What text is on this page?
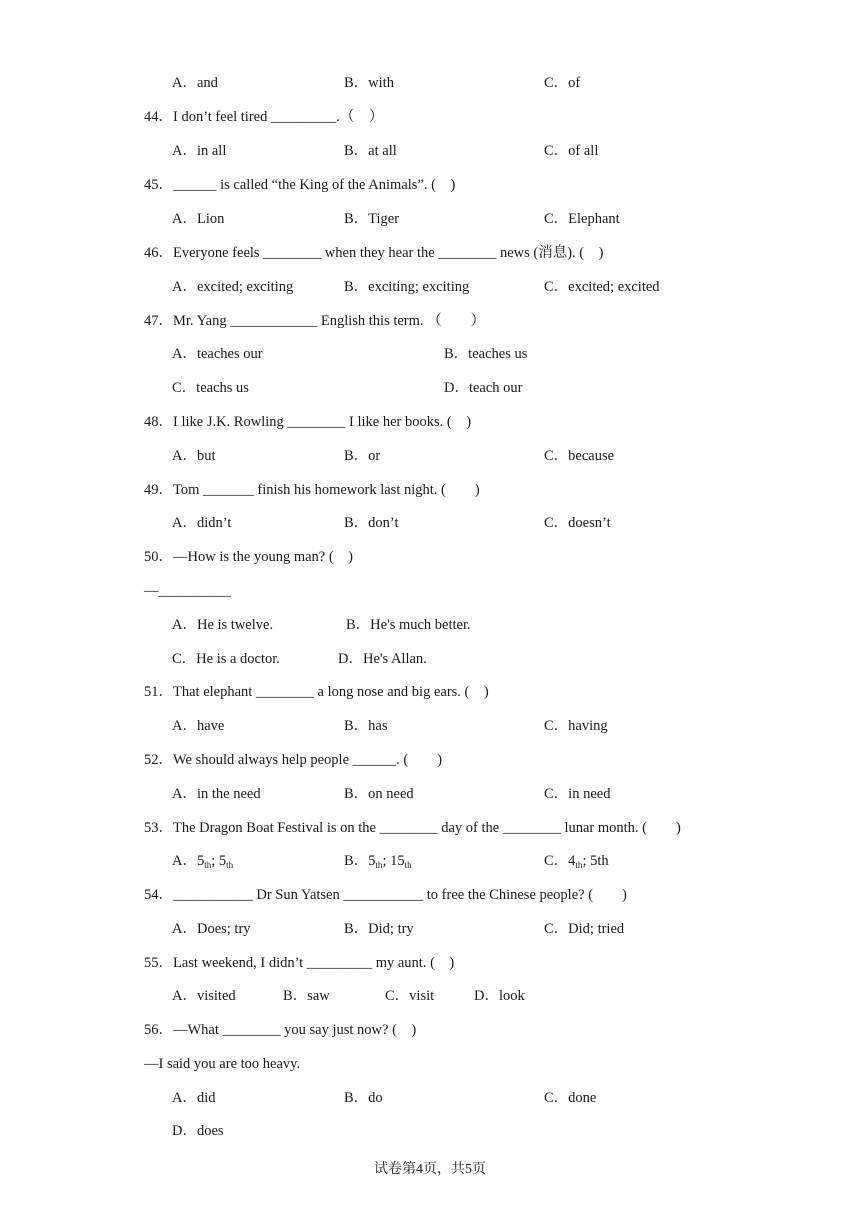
A．and	B．with	C．of
44．I don’t feel tired _________.（　）
A．in all	B．at all	C．of all
45．______ is called “the King of the Animals”. (　)
A．Lion	B．Tiger	C．Elephant
46．Everyone feels ________ when they hear the ________ news (消息). (　)
A．excited; exciting	B．exciting; exciting	C．excited; excited
47．Mr. Yang ____________ English this term. （　　）
A．teaches our	B．teaches us
C．teachs us	D．teach our
48．I like J.K. Rowling ________ I like her books. (　)
A．but	B．or	C．because
49．Tom _______ finish his homework last night. (　　)
A．didn’t	B．don’t	C．doesn’t
50．—How is the young man? (　)
—__________
A．He is twelve.	B．He's much better.
C．He is a doctor.	D．He's Allan.
51．That elephant ________ a long nose and big ears. (　)
A．have	B．has	C．having
52．We should always help people ______. (　　)
A．in the need	B．on need	C．in need
53．The Dragon Boat Festival is on the ________ day of the ________ lunar month. (　　)
A．5th; 5th	B．5th; 15th	C．4th; 5th
54．___________ Dr Sun Yatsen ___________ to free the Chinese people? (　　)
A．Does; try	B．Did; try	C．Did; tried
55．Last weekend, I didn’t _________ my aunt. (　)
A．visited	B．saw	C．visit	D．look
56．—What ________ you say just now? (　)
—I said you are too heavy.
A．did	B．do	C．done
D．does
试卷第4页，共5页
